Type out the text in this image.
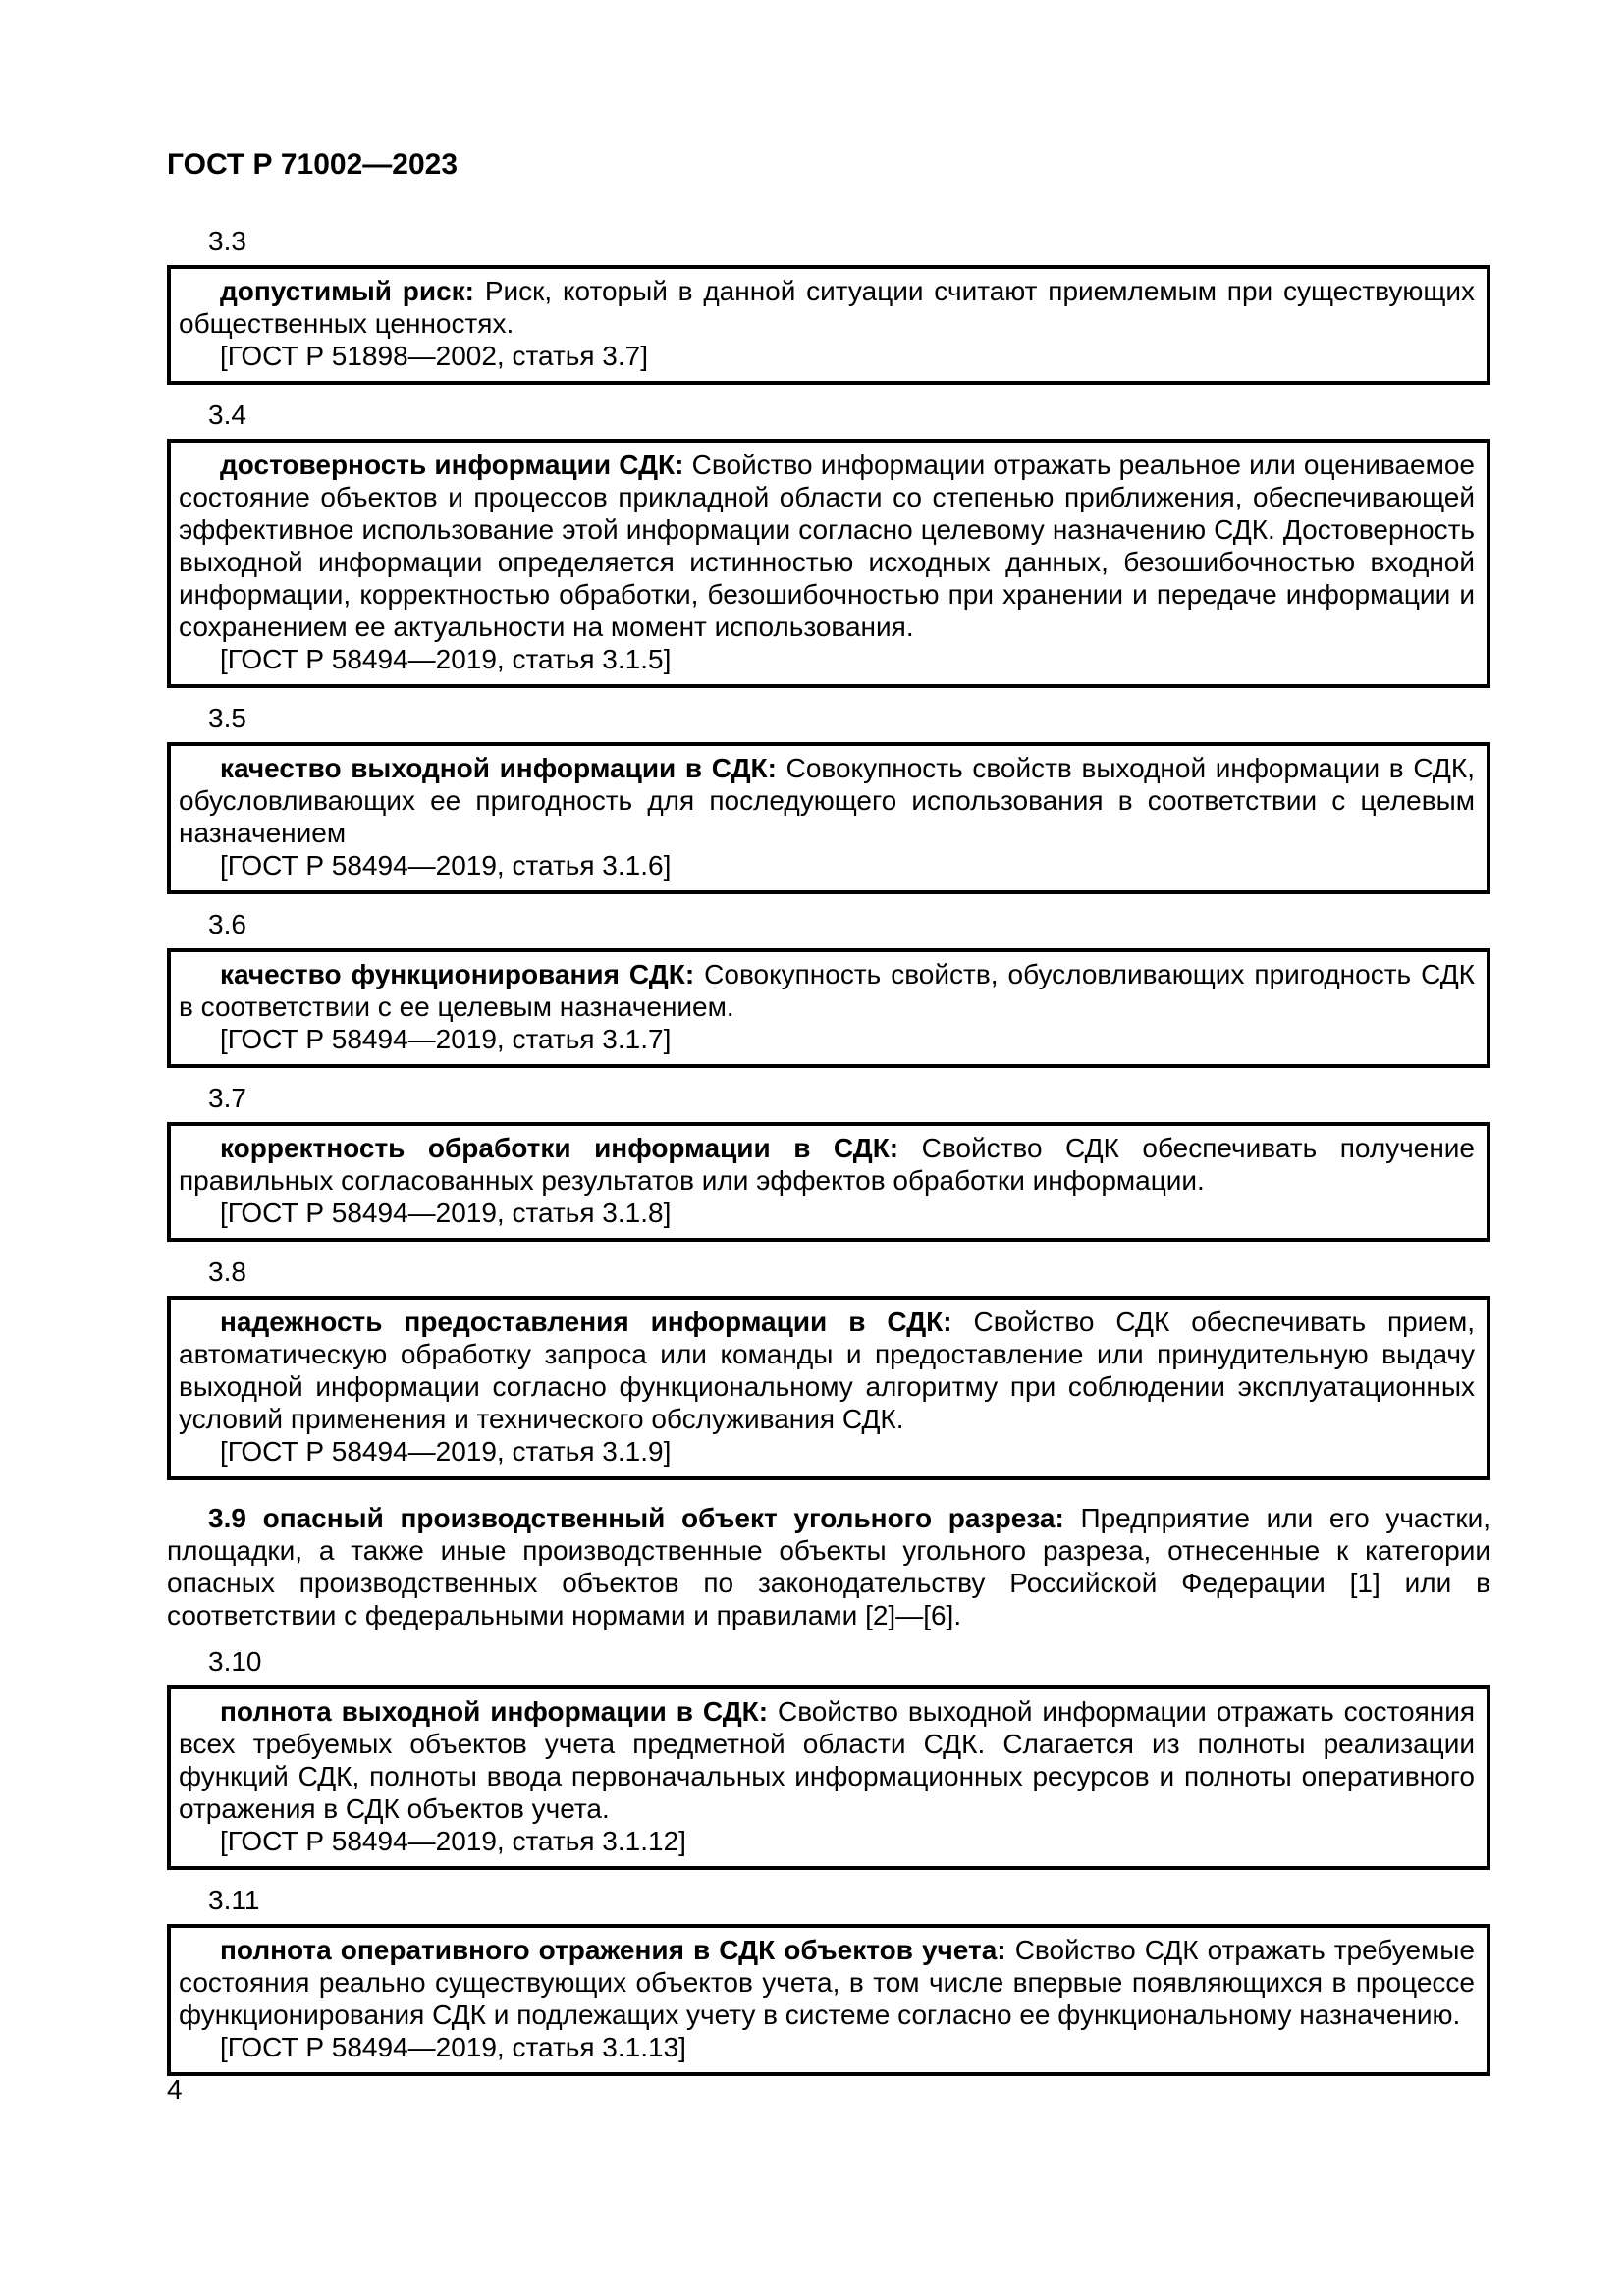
ГОСТ Р 71002—2023
3.3

допустимый риск: Риск, который в данной ситуации считают приемлемым при существующих общественных ценностях.

[ГОСТ Р 51898—2002, статья 3.7]

3.4

достоверность информации СДК: Свойство информации отражать реальное или оцениваемое состояние объектов и процессов прикладной области со степенью приближения, обеспечивающей эффективное использование этой информации согласно целевому назначению СДК. Достоверность выходной информации определяется истинностью исходных данных, безошибочностью входной информации, корректностью обработки, безошибочностью при хранении и передаче информации и сохранением ее актуальности на момент использования.

[ГОСТ Р 58494—2019, статья 3.1.5]

3.5

качество выходной информации в СДК: Совокупность свойств выходной информации в СДК, обусловливающих ее пригодность для последующего использования в соответствии с целевым назначением

[ГОСТ Р 58494—2019, статья 3.1.6]

3.6

качество функционирования СДК: Совокупность свойств, обусловливающих пригодность СДК в соответствии с ее целевым назначением.

[ГОСТ Р 58494—2019, статья 3.1.7]

3.7

корректность обработки информации в СДК: Свойство СДК обеспечивать получение правильных согласованных результатов или эффектов обработки информации.

[ГОСТ Р 58494—2019, статья 3.1.8]

3.8

надежность предоставления информации в СДК: Свойство СДК обеспечивать прием, автоматическую обработку запроса или команды и предоставление или принудительную выдачу выходной информации согласно функциональному алгоритму при соблюдении эксплуатационных условий применения и технического обслуживания СДК.

[ГОСТ Р 58494—2019, статья 3.1.9]

3.9 опасный производственный объект угольного разреза: Предприятие или его участки, площадки, а также иные производственные объекты угольного разреза, отнесенные к категории опасных производственных объектов по законодательству Российской Федерации [1] или в соответствии с федеральными нормами и правилами [2]—[6].

3.10

полнота выходной информации в СДК: Свойство выходной информации отражать состояния всех требуемых объектов учета предметной области СДК. Слагается из полноты реализации функций СДК, полноты ввода первоначальных информационных ресурсов и полноты оперативного отражения в СДК объектов учета.

[ГОСТ Р 58494—2019, статья 3.1.12]

3.11

полнота оперативного отражения в СДК объектов учета: Свойство СДК отражать требуемые состояния реально существующих объектов учета, в том числе впервые появляющихся в процессе функционирования СДК и подлежащих учету в системе согласно ее функциональному назначению.

[ГОСТ Р 58494—2019, статья 3.1.13]

4
